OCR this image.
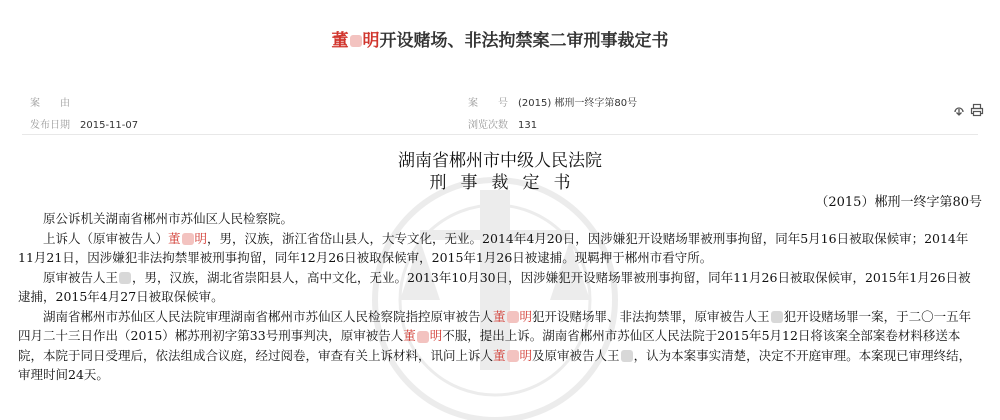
董 明开设赌场、非法拘禁案二审刑事裁定书
案　　由	案　　号 (2015) 郴刑一终字第80号
发布日期 2015-11-07	浏览次数 131
湖南省郴州市中级人民法院
刑事裁定书
（2015）郴刑一终字第80号

原公诉机关湖南省郴州市苏仙区人民检察院。

上诉人（原审被告人）董 明，男，汉族，浙江省岱山县人，大专文化，无业。2014年4月20日，因涉嫌犯开设赌场罪被刑事拘留，同年5月16日被取保候审；2014年11月21日，因涉嫌犯非法拘禁罪被刑事拘留，同年12月26日被取保候审，2015年1月26日被逮捕。现羁押于郴州市看守所。

原审被告人王 ，男，汉族，湖北省崇阳县人，高中文化，无业。2013年10月30日，因涉嫌犯开设赌场罪被刑事拘留，同年11月26日被取保候审，2015年1月26日被逮捕，2015年4月27日被取保候审。

湖南省郴州市苏仙区人民法院审理湖南省郴州市苏仙区人民检察院指控原审被告人董 明犯开设赌场罪、非法拘禁罪，原审被告人王 犯开设赌场罪一案，于二〇一五年四月二十三日作出（2015）郴苏刑初字第33号刑事判决，原审被告人董 明不服，提出上诉。湖南省郴州市苏仙区人民法院于2015年5月12日将该案全部案卷材料移送本院，本院于同日受理后，依法组成合议庭，经过阅卷，审查有关上诉材料，讯问上诉人董 明及原审被告人王 ，认为本案事实清楚，决定不开庭审理。本案现已审理终结，审理时间24天。
